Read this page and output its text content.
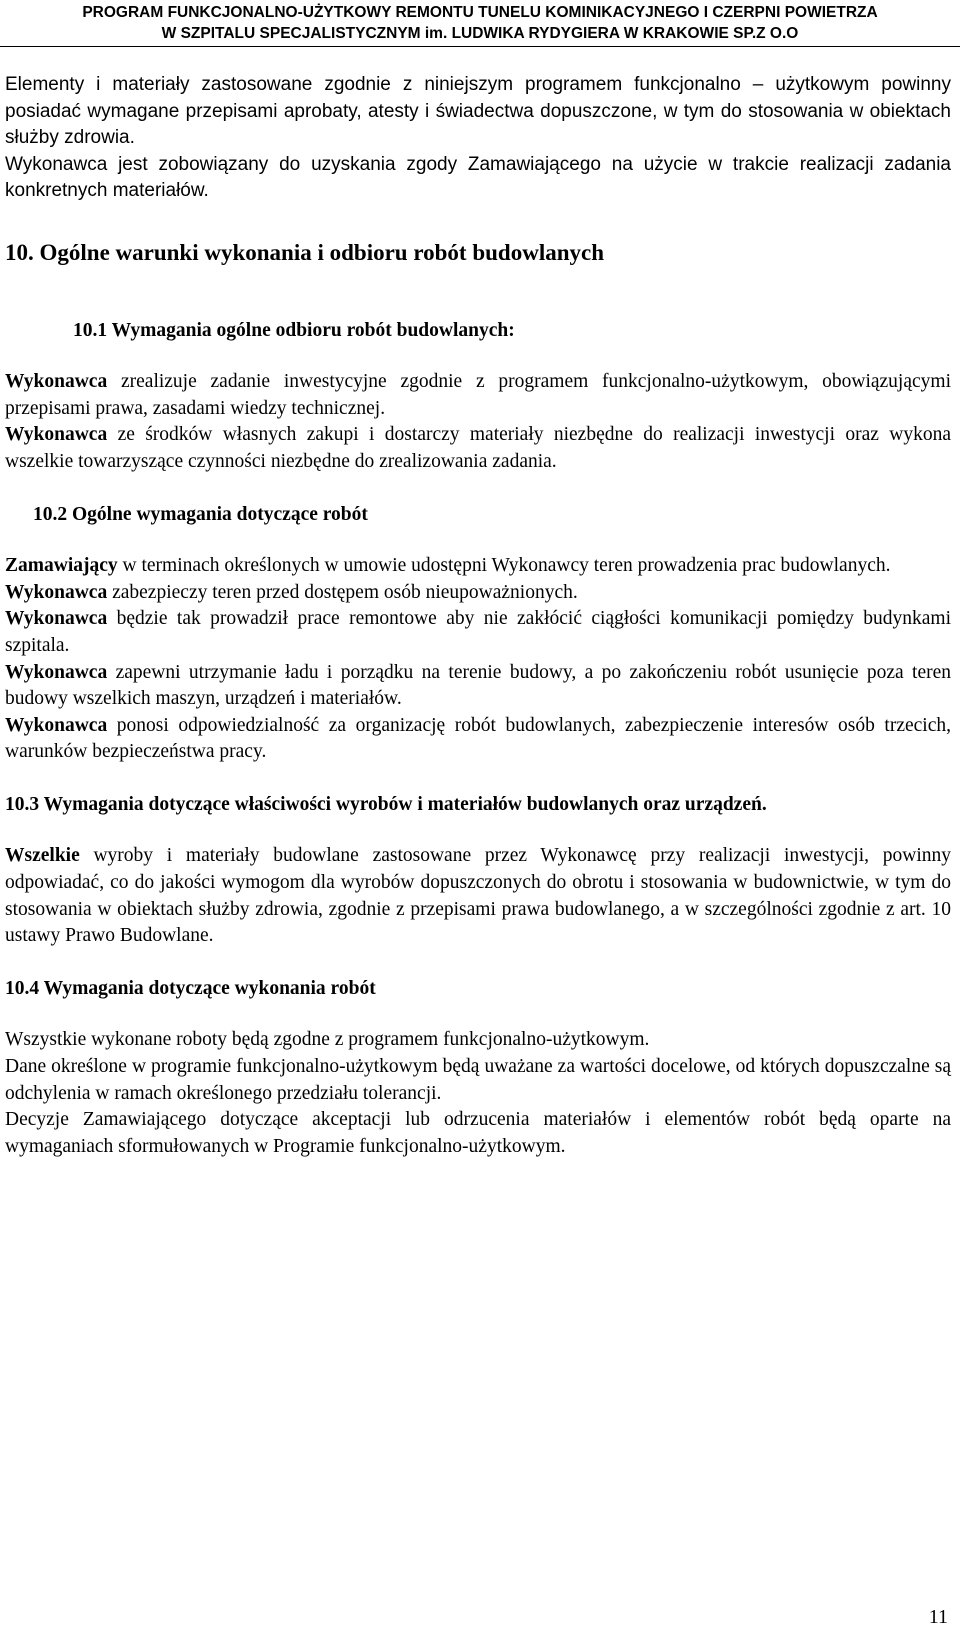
PROGRAM FUNKCJONALNO-UŻYTKOWY REMONTU TUNELU KOMINIKACYJNEGO I CZERPNI POWIETRZA
W SZPITALU SPECJALISTYCZNYM im. LUDWIKA RYDYGIERA W KRAKOWIE SP.Z O.O

Elementy i materiały zastosowane zgodnie z niniejszym programem funkcjonalno – użytkowym powinny posiadać wymagane przepisami aprobaty, atesty i świadectwa dopuszczone, w tym do stosowania w obiektach służby zdrowia.

Wykonawca jest zobowiązany do uzyskania zgody Zamawiającego na użycie w trakcie realizacji zadania konkretnych materiałów.

10. Ogólne warunki wykonania i odbioru robót budowlanych

10.1 Wymagania ogólne odbioru robót budowlanych:

Wykonawca zrealizuje zadanie inwestycyjne zgodnie z programem funkcjonalno-użytkowym, obowiązującymi przepisami prawa, zasadami wiedzy technicznej.

Wykonawca ze środków własnych zakupi i dostarczy materiały niezbędne do realizacji inwestycji oraz wykona wszelkie towarzyszące czynności niezbędne do zrealizowania zadania.

10.2 Ogólne wymagania dotyczące robót

Zamawiający w terminach określonych w umowie udostępni Wykonawcy teren prowadzenia prac budowlanych.

Wykonawca zabezpieczy teren przed dostępem osób nieupoważnionych.

Wykonawca będzie tak prowadził prace remontowe aby nie zakłócić ciągłości komunikacji pomiędzy budynkami szpitala.

Wykonawca zapewni utrzymanie ładu i porządku na terenie budowy, a po zakończeniu robót usunięcie poza teren budowy wszelkich maszyn, urządzeń i materiałów.

Wykonawca ponosi odpowiedzialność za organizację robót budowlanych, zabezpieczenie interesów osób trzecich, warunków bezpieczeństwa pracy.

10.3 Wymagania dotyczące właściwości wyrobów i materiałów budowlanych oraz urządzeń.

Wszelkie wyroby i materiały budowlane zastosowane przez Wykonawcę przy realizacji inwestycji, powinny odpowiadać, co do jakości wymogom dla wyrobów dopuszczonych do obrotu i stosowania w budownictwie, w tym do stosowania w obiektach służby zdrowia, zgodnie z przepisami prawa budowlanego, a w szczególności zgodnie z art. 10 ustawy Prawo Budowlane.

10.4 Wymagania dotyczące wykonania robót

Wszystkie wykonane roboty będą zgodne z programem funkcjonalno-użytkowym.

Dane określone w programie funkcjonalno-użytkowym będą uważane za wartości docelowe, od których dopuszczalne są odchylenia w ramach określonego przedziału tolerancji.

Decyzje Zamawiającego dotyczące akceptacji lub odrzucenia materiałów i elementów robót będą oparte na wymaganiach sformułowanych w Programie funkcjonalno-użytkowym.

11
